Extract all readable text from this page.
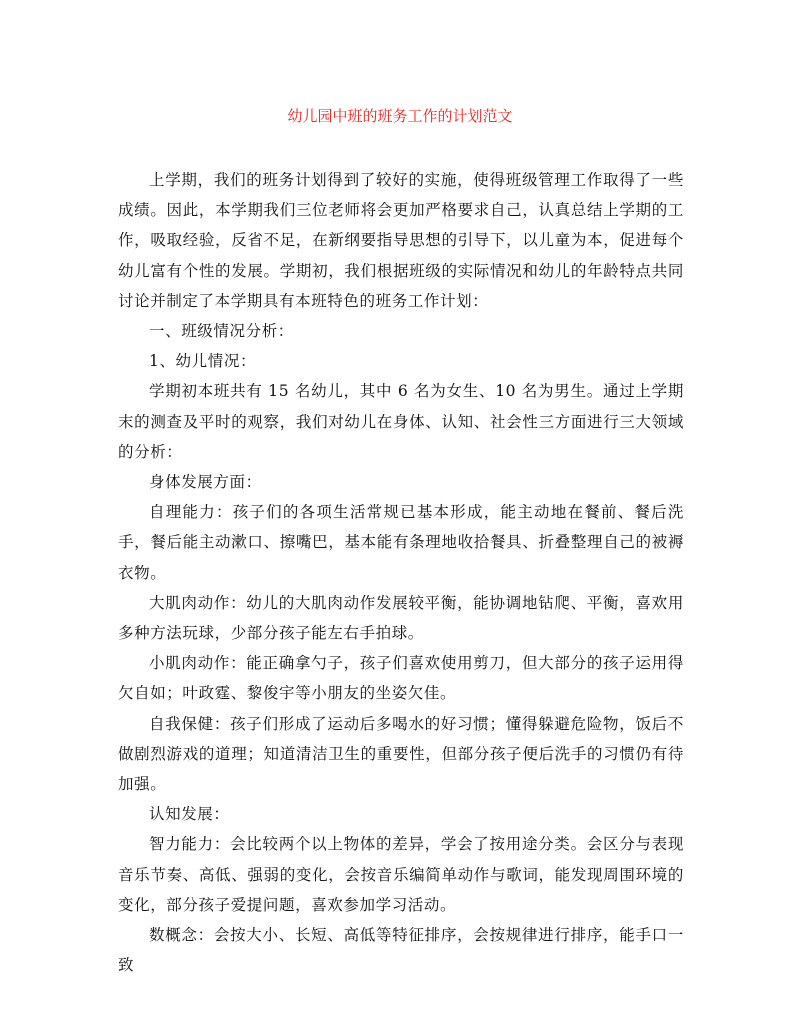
幼儿园中班的班务工作的计划范文

上学期，我们的班务计划得到了较好的实施，使得班级管理工作取得了一些成绩。因此，本学期我们三位老师将会更加严格要求自己，认真总结上学期的工作，吸取经验，反省不足，在新纲要指导思想的引导下，以儿童为本，促进每个幼儿富有个性的发展。学期初，我们根据班级的实际情况和幼儿的年龄特点共同讨论并制定了本学期具有本班特色的班务工作计划：

一、班级情况分析：

1、幼儿情况：

学期初本班共有 15 名幼儿，其中 6 名为女生、10 名为男生。通过上学期末的测查及平时的观察，我们对幼儿在身体、认知、社会性三方面进行三大领域的分析：

身体发展方面：

自理能力：孩子们的各项生活常规已基本形成，能主动地在餐前、餐后洗手，餐后能主动漱口、擦嘴巴，基本能有条理地收拾餐具、折叠整理自己的被褥衣物。

大肌肉动作：幼儿的大肌肉动作发展较平衡，能协调地钻爬、平衡，喜欢用多种方法玩球，少部分孩子能左右手拍球。

小肌肉动作：能正确拿勺子，孩子们喜欢使用剪刀，但大部分的孩子运用得欠自如；叶政霆、黎俊宇等小朋友的坐姿欠佳。

自我保健：孩子们形成了运动后多喝水的好习惯；懂得躲避危险物，饭后不做剧烈游戏的道理；知道清洁卫生的重要性，但部分孩子便后洗手的习惯仍有待加强。

认知发展：

智力能力：会比较两个以上物体的差异，学会了按用途分类。会区分与表现音乐节奏、高低、强弱的变化，会按音乐编简单动作与歌词，能发现周围环境的变化，部分孩子爱提问题，喜欢参加学习活动。

数概念：会按大小、长短、高低等特征排序，会按规律进行排序，能手口一致
